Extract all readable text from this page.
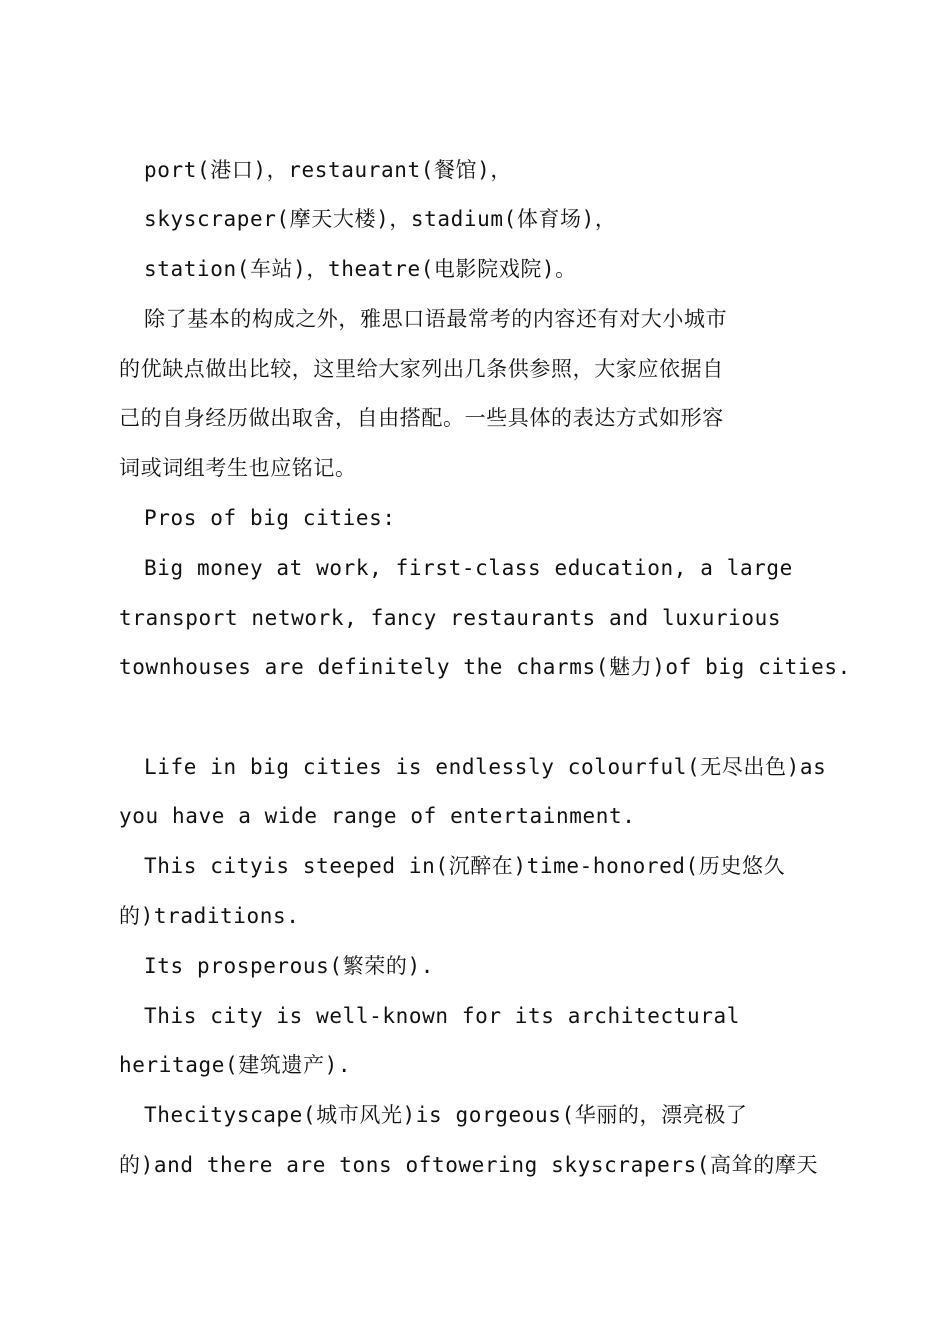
port(港口)，restaurant(餐馆)，
skyscraper(摩天大楼)，stadium(体育场)，
station(车站)，theatre(电影院戏院)。
除了基本的构成之外，雅思口语最常考的内容还有对大小城市
的优缺点做出比较，这里给大家列出几条供参照，大家应依据自
己的自身经历做出取舍，自由搭配。一些具体的表达方式如形容
词或词组考生也应铭记。
Pros of big cities:
Big money at work, first-class education, a large
transport network, fancy restaurants and luxurious
townhouses are definitely the charms(魅力)of big cities.
Life in big cities is endlessly colourful(无尽出色)as
you have a wide range of entertainment.
This cityis steeped in(沉醉在)time-honored(历史悠久
的)traditions.
Its prosperous(繁荣的).
This city is well-known for its architectural
heritage(建筑遗产).
Thecityscape(城市风光)is gorgeous(华丽的，漂亮极了
的)and there are tons oftowering skyscrapers(高耸的摩天
